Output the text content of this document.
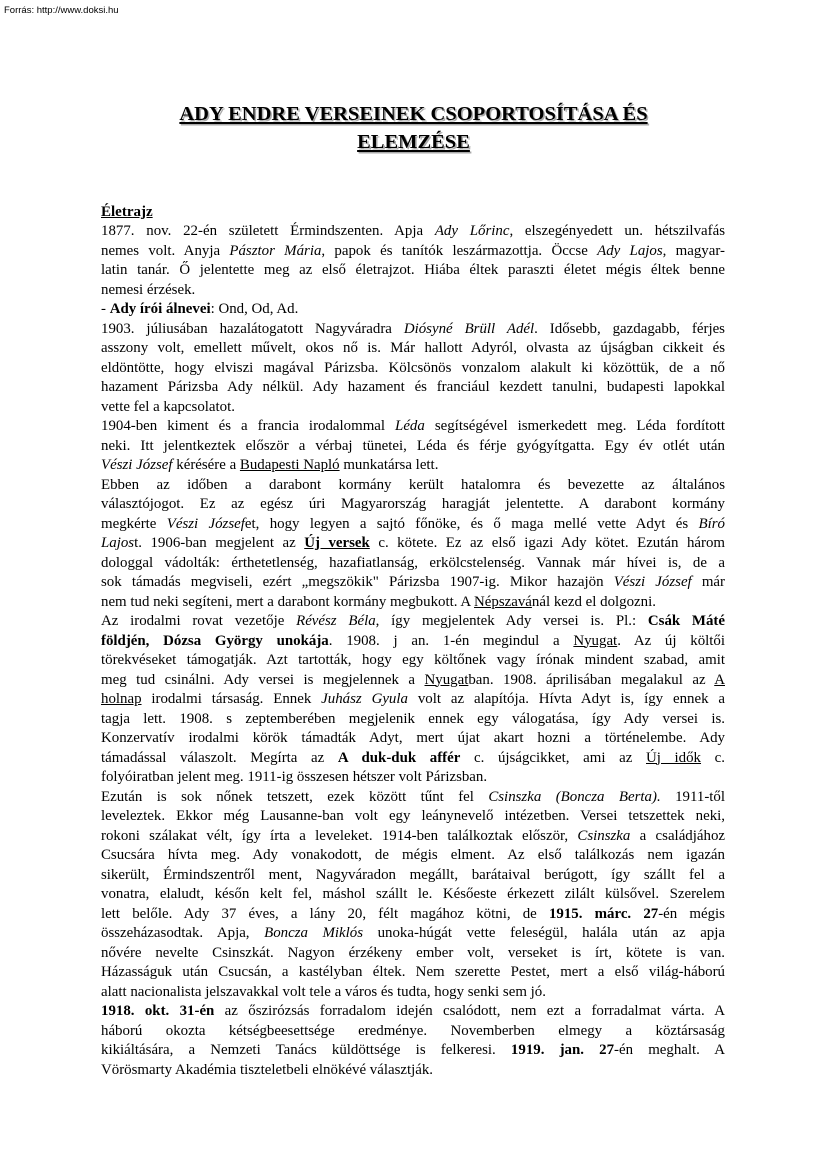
Forrás: http://www.doksi.hu
ADY ENDRE VERSEINEK CSOPORTOSÍTÁSA ÉS
ELEMZÉSE
Életrajz
1877. nov. 22-én született Érmindszenten. Apja Ady Lőrinc, elszegényedett un. hétszilvafás
nemes volt. Anyja Pásztor Mária, papok és tanítók leszármazottja. Öccse Ady Lajos, magyar-
latin tanár. Ő jelentette meg az első életrajzot. Hiába éltek paraszti életet mégis éltek benne
nemesi érzések.
- Ady írói álnevei: Ond, Od, Ad.
1903. júliusában hazalátogatott Nagyváradra Diósyné Brüll Adél. Idősebb, gazdagabb, férjes
asszony volt, emellett művelt, okos nő is. Már hallott Adyról, olvasta az újságban cikkeit és
eldöntötte, hogy elviszi magával Párizsba. Kölcsönös vonzalom alakult ki közöttük, de a nő
hazament Párizsba Ady nélkül. Ady hazament és franciául kezdett tanulni, budapesti lapokkal
vette fel a kapcsolatot.
1904-ben kiment és a francia irodalommal Léda segítségével ismerkedett meg. Léda fordított
neki. Itt jelentkeztek először a vérbaj tünetei, Léda és férje gyógyítgatta. Egy év otlét után
Vészi József kérésére a Budapesti Napló munkatársa lett.
Ebben az időben a darabont kormány került hatalomra és bevezette az általános
választójogot. Ez az egész úri Magyarország haragját jelentette. A darabont kormány
megkérte Vészi Józsefet, hogy legyen a sajtó főnöke, és ő maga mellé vette Adyt és Bíró
Lajost. 1906-ban megjelent az Új versek c. kötete. Ez az első igazi Ady kötet. Ezután három
dologgal vádolták: érthetetlenség, hazafiatlanság, erkölcstelenség. Vannak már hívei is, de a
sok támadás megviseli, ezért „megszökik" Párizsba 1907-ig. Mikor hazajön Vészi József már
nem tud neki segíteni, mert a darabont kormány megbukott. A Népszavánál kezd el dolgozni.
Az irodalmi rovat vezetője Révész Béla, így megjelentek Ady versei is. Pl.: Csák Máté
földjén, Dózsa György unokája. 1908. j an. 1-én megindul a Nyugat. Az új költői
törekvéseket támogatják. Azt tartották, hogy egy költőnek vagy írónak mindent szabad, amit
meg tud csinálni. Ady versei is megjelennek a Nyugatban. 1908. áprilisában megalakul az A
holnap irodalmi társaság. Ennek Juhász Gyula volt az alapítója. Hívta Adyt is, így ennek a
tagja lett. 1908. s zeptemberében megjelenik ennek egy válogatása, így Ady versei is.
Konzervatív irodalmi körök támadták Adyt, mert újat akart hozni a történelembe. Ady
támadással válaszolt. Megírta az A duk-duk affér c. újságcikket, ami az Új idők c.
folyóiratban jelent meg. 1911-ig összesen hétszer volt Párizsban.
Ezután is sok nőnek tetszett, ezek között tűnt fel Csinszka (Boncza Berta). 1911-től
leveleztek. Ekkor még Lausanne-ban volt egy leánynevelő intézetben. Versei tetszettek neki,
rokoni szálakat vélt, így írta a leveleket. 1914-ben találkoztak először, Csinszka a családjához
Csucsára hívta meg. Ady vonakodott, de mégis elment. Az első találkozás nem igazán
sikerült, Érmindszentről ment, Nagyváradon megállt, barátaival berúgott, így szállt fel a
vonatra, elaludt, későn kelt fel, máshol szállt le. Későeste érkezett zilált külsővel. Szerelem
lett belőle. Ady 37 éves, a lány 20, félt magához kötni, de 1915. márc. 27-én mégis
összeházasodtak. Apja, Boncza Miklós unoka-húgát vette feleségül, halála után az apja
nővére nevelte Csinszkát. Nagyon érzékeny ember volt, verseket is írt, kötete is van.
Házasságuk után Csucsán, a kastélyban éltek. Nem szerette Pestet, mert a első világ-háború
alatt nacionalista jelszavakkal volt tele a város és tudta, hogy senki sem jó.
1918. okt. 31-én az őszirózsás forradalom idején csalódott, nem ezt a forradalmat várta. A
háború okozta kétségbeesettsége eredménye. Novemberben elmegy a köztársaság
kikiáltására, a Nemzeti Tanács küldöttsége is felkeresi. 1919. jan. 27-én meghalt. A
Vörösmarty Akadémia tiszteletbeli elnökévé választják.
